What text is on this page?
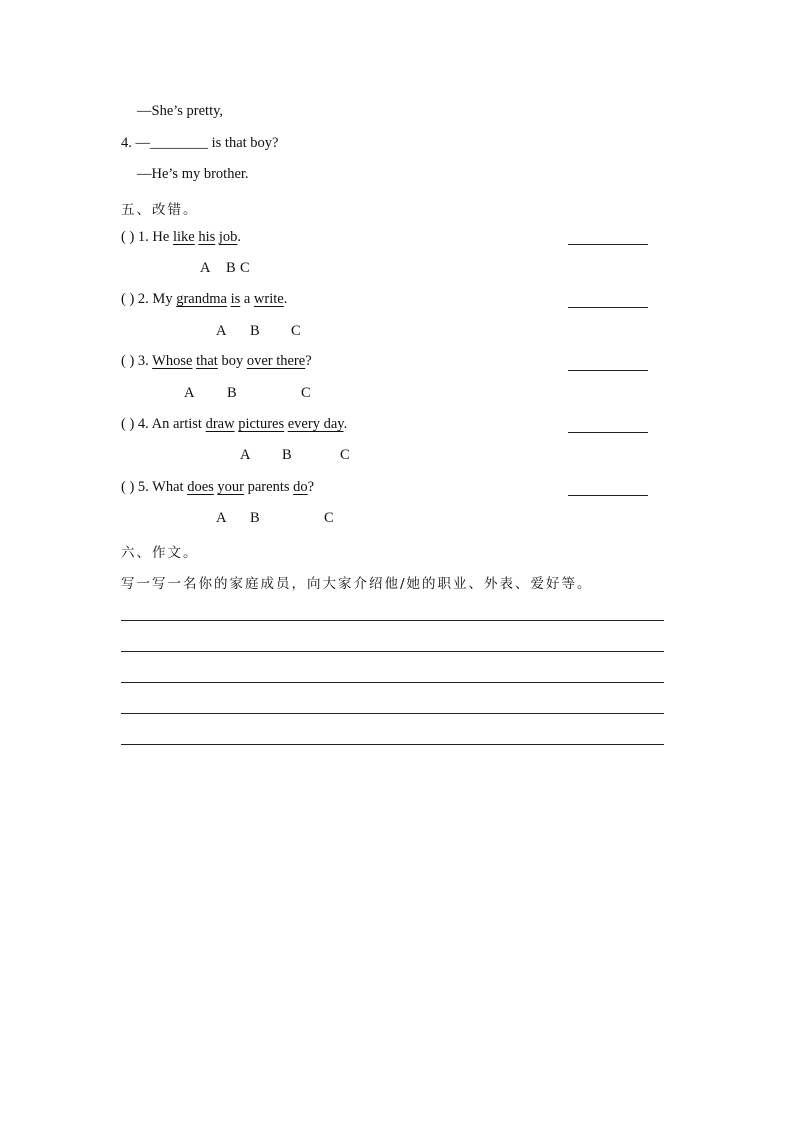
—She’s pretty,
4. —________ is that boy?
—He’s my brother.
五、改错。
( ) 1. He like his job.
A B C
( ) 2. My grandma is a write.
A B C
( ) 3. Whose that boy over there?
A B	C
( ) 4. An artist draw pictures every day.
A B	C
( ) 5. What does your parents do?
A B	C
六、作文。
写一写一名你的家庭成员，向大家介绍他/她的职业、外表、爱好等。
